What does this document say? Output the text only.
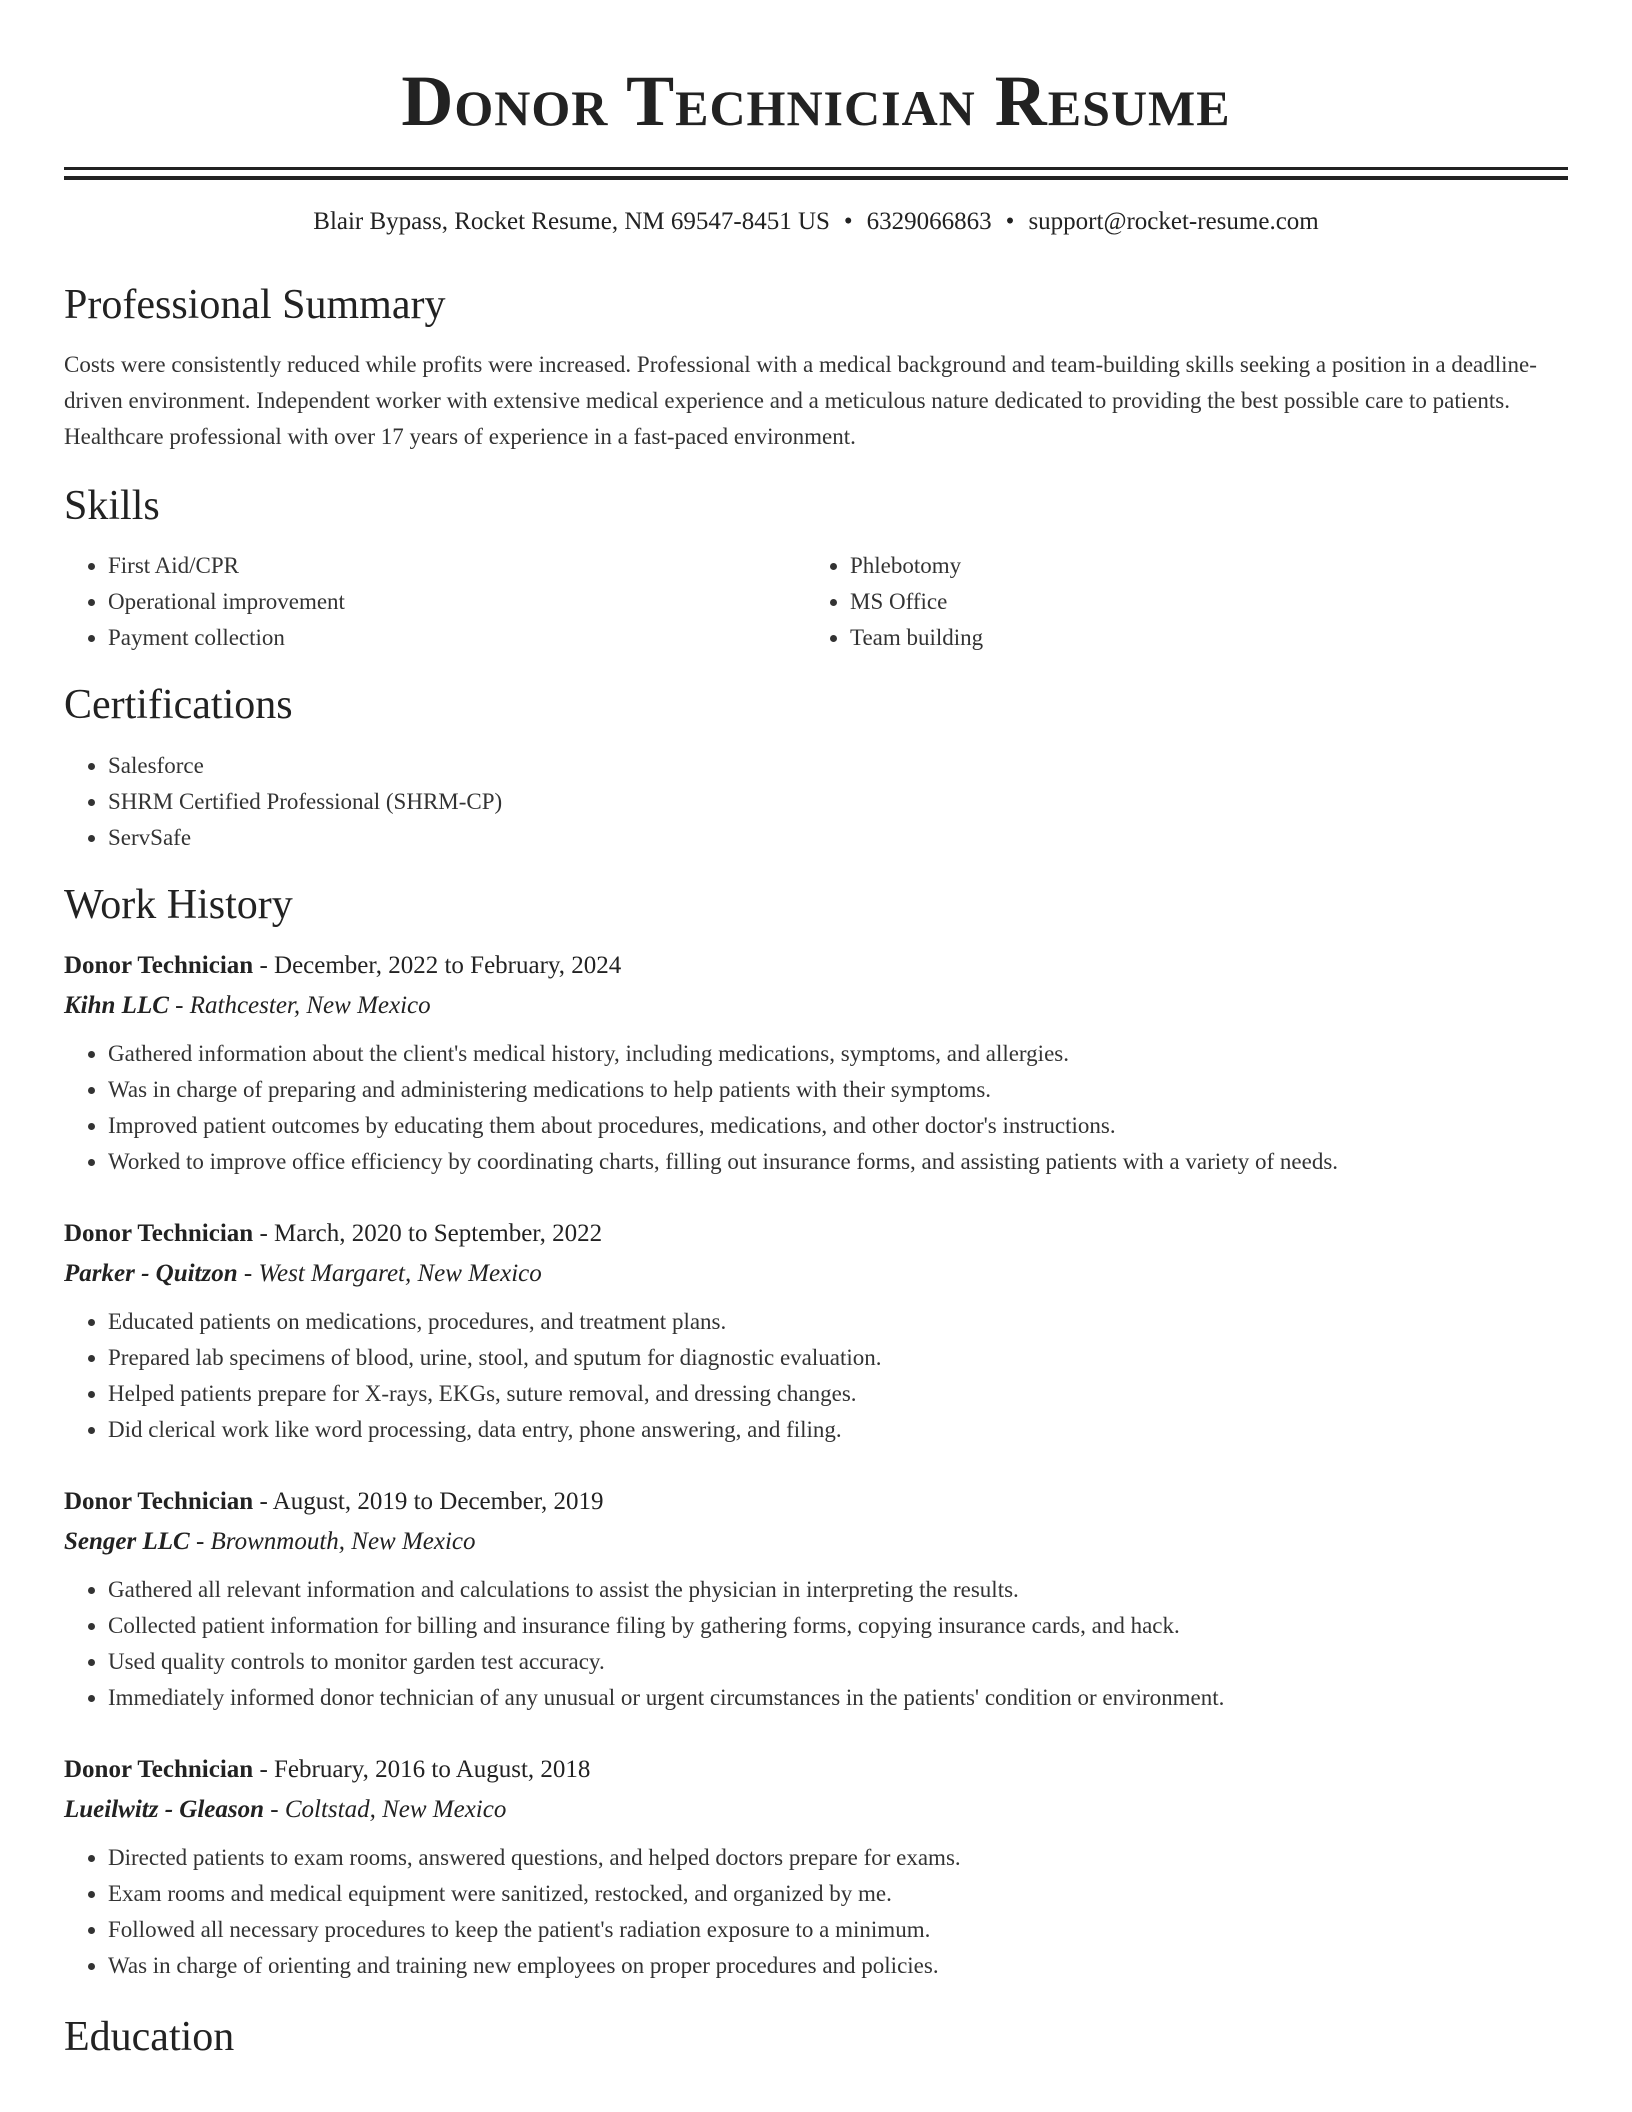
Donor Technician Resume
Blair Bypass, Rocket Resume, NM 69547-8451 US • 6329066863 • support@rocket-resume.com
Professional Summary

Costs were consistently reduced while profits were increased. Professional with a medical background and team-building skills seeking a position in a deadline-driven environment. Independent worker with extensive medical experience and a meticulous nature dedicated to providing the best possible care to patients. Healthcare professional with over 17 years of experience in a fast-paced environment.

Skills
• First Aid/CPR
• Operational improvement
• Payment collection
• Phlebotomy
• MS Office
• Team building
Certifications
• Salesforce
• SHRM Certified Professional (SHRM-CP)
• ServSafe
Work History
Donor Technician - December, 2022 to February, 2024
Kihn LLC - Rathcester, New Mexico
• Gathered information about the client's medical history, including medications, symptoms, and allergies.
• Was in charge of preparing and administering medications to help patients with their symptoms.
• Improved patient outcomes by educating them about procedures, medications, and other doctor's instructions.
• Worked to improve office efficiency by coordinating charts, filling out insurance forms, and assisting patients with a variety of needs.
Donor Technician - March, 2020 to September, 2022
Parker - Quitzon - West Margaret, New Mexico
• Educated patients on medications, procedures, and treatment plans.
• Prepared lab specimens of blood, urine, stool, and sputum for diagnostic evaluation.
• Helped patients prepare for X-rays, EKGs, suture removal, and dressing changes.
• Did clerical work like word processing, data entry, phone answering, and filing.
Donor Technician - August, 2019 to December, 2019
Senger LLC - Brownmouth, New Mexico
• Gathered all relevant information and calculations to assist the physician in interpreting the results.
• Collected patient information for billing and insurance filing by gathering forms, copying insurance cards, and hack.
• Used quality controls to monitor garden test accuracy.
• Immediately informed donor technician of any unusual or urgent circumstances in the patients' condition or environment.
Donor Technician - February, 2016 to August, 2018
Lueilwitz - Gleason - Coltstad, New Mexico
• Directed patients to exam rooms, answered questions, and helped doctors prepare for exams.
• Exam rooms and medical equipment were sanitized, restocked, and organized by me.
• Followed all necessary procedures to keep the patient's radiation exposure to a minimum.
• Was in charge of orienting and training new employees on proper procedures and policies.
Education
